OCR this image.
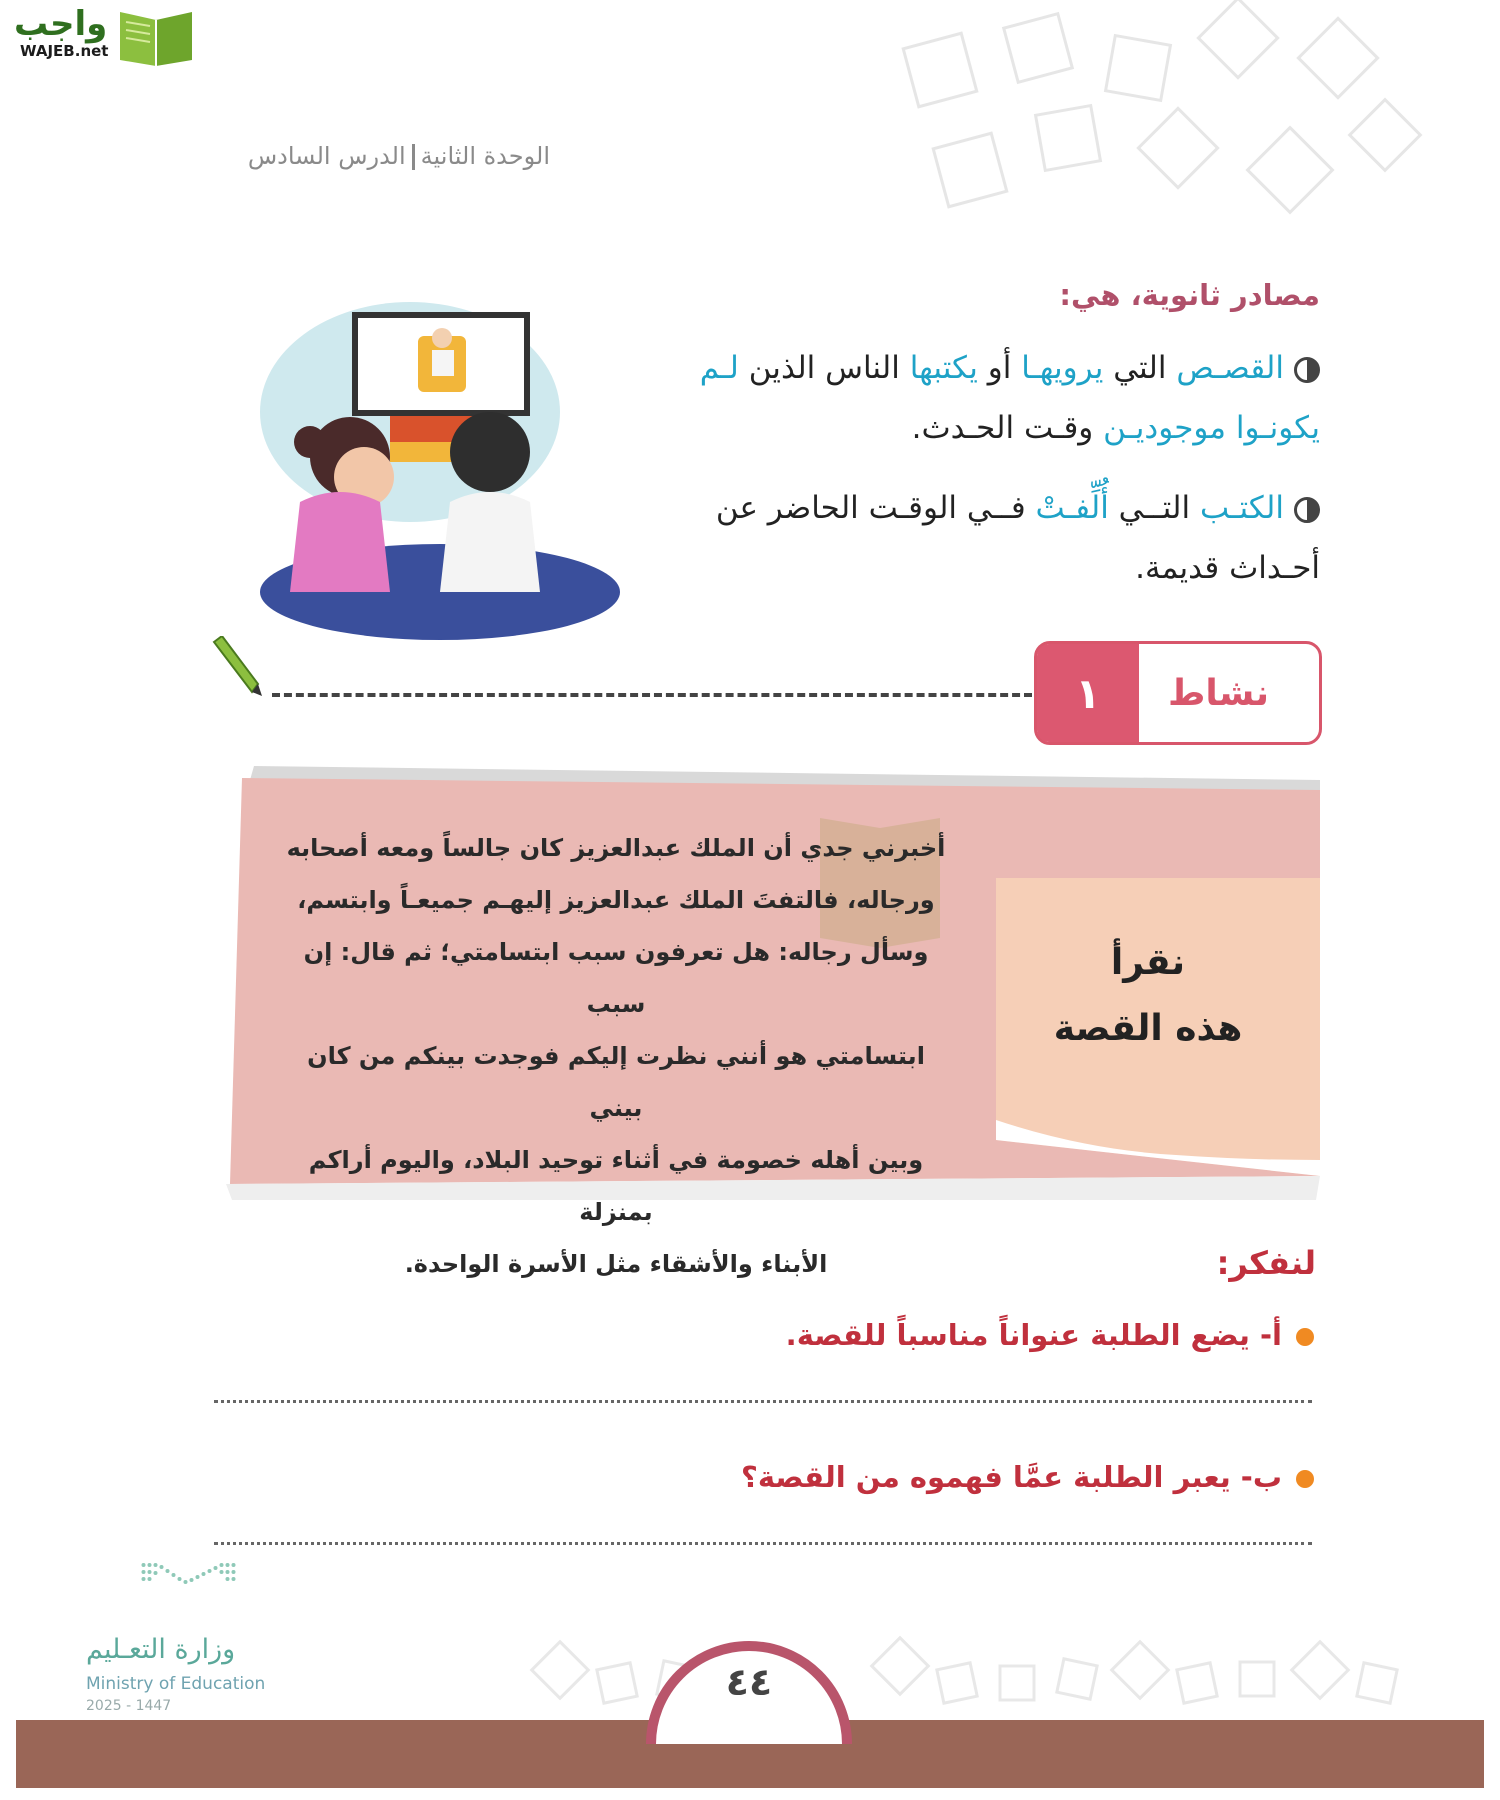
واجب
WAJEB.net
الوحدة الثانيةالدرس السادس
مصادر ثانوية، هي:

القصـص التي يرويهـا أو يكتبها الناس الذين لـم يكونـوا موجوديـن وقـت الحـدث.

الكتـب التــي أُلِّفـتْ فــي الوقـت الحاضر عن أحـداث قديمة.

١	نشاط
أخبرني جدي أن الملك عبدالعزيز كان جالساً ومعه أصحابه
ورجاله، فالتفتَ الملك عبدالعزيز إليهـم جميعـاً وابتسم،
وسأل رجاله: هل تعرفون سبب ابتسامتي؛ ثم قال: إن سبب
ابتسامتي هو أنني نظرت إليكم فوجدت بينكم من كان بيني
وبين أهله خصومة في أثناء توحيد البلاد، واليوم أراكم بمنزلة
الأبناء والأشقاء مثل الأسرة الواحدة.
نقرأ
هذه القصة
لنفكر:
أ- يضع الطلبة عنواناً مناسباً للقصة.
ب- يعبر الطلبة عمَّا فهموه من القصة؟
٤٤
وزارة التعـليم
Ministry of Education
2025 - 1447
